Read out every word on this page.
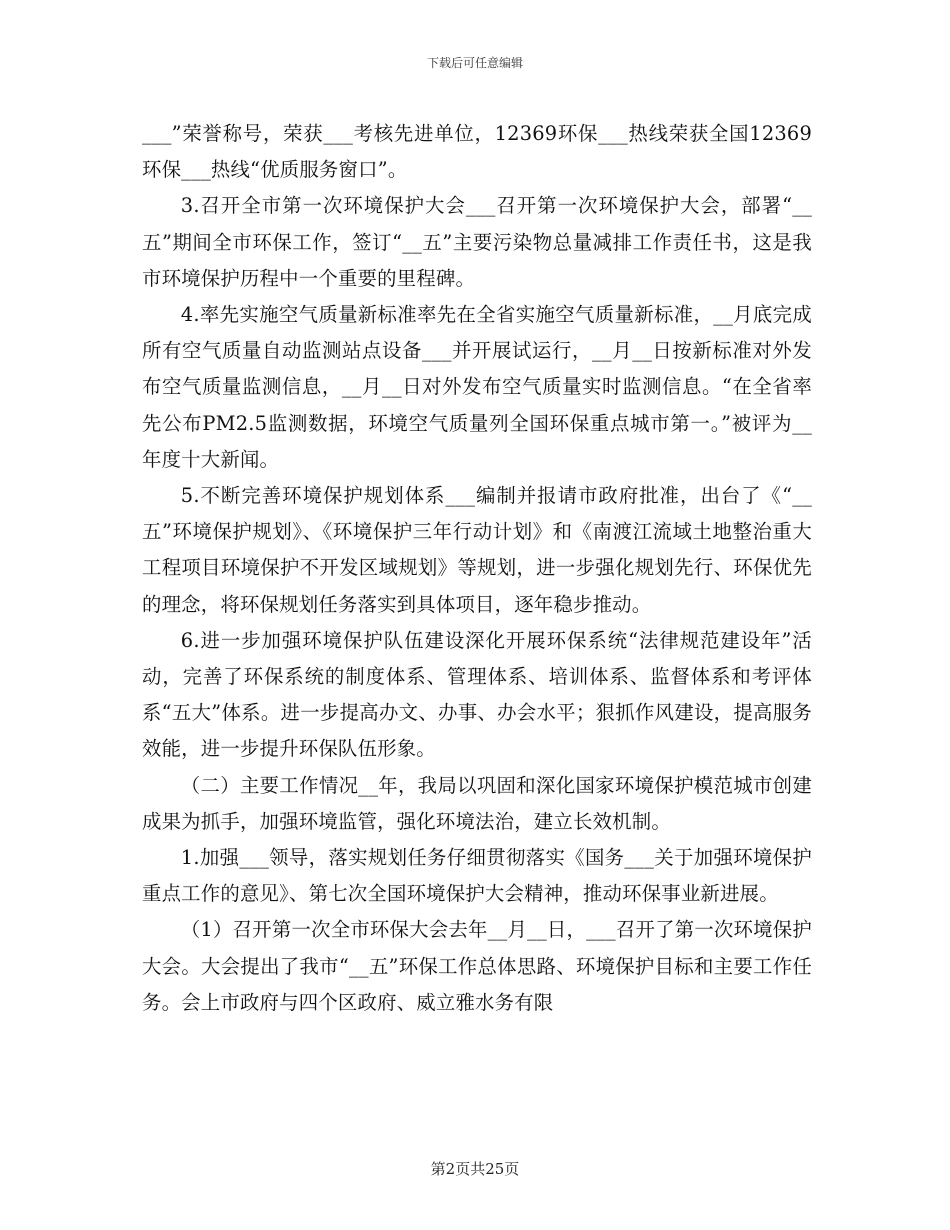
下载后可任意编辑

___”荣誉称号，荣获___考核先进单位，12369环保___热线荣获全国12369环保___热线“优质服务窗口”。

3.召开全市第一次环境保护大会___召开第一次环境保护大会，部署“__五”期间全市环保工作，签订“__五”主要污染物总量减排工作责任书，这是我市环境保护历程中一个重要的里程碑。

4.率先实施空气质量新标准率先在全省实施空气质量新标准，__月底完成所有空气质量自动监测站点设备___并开展试运行，__月__日按新标准对外发布空气质量监测信息，__月__日对外发布空气质量实时监测信息。“在全省率先公布PM2.5监测数据，环境空气质量列全国环保重点城市第一。”被评为__年度十大新闻。

5.不断完善环境保护规划体系___编制并报请市政府批准，出台了《“__五”环境保护规划》、《环境保护三年行动计划》和《南渡江流域土地整治重大工程项目环境保护不开发区域规划》等规划，进一步强化规划先行、环保优先的理念，将环保规划任务落实到具体项目，逐年稳步推动。

6.进一步加强环境保护队伍建设深化开展环保系统“法律规范建设年”活动，完善了环保系统的制度体系、管理体系、培训体系、监督体系和考评体系“五大”体系。进一步提高办文、办事、办会水平；狠抓作风建设，提高服务效能，进一步提升环保队伍形象。

（二）主要工作情况__年，我局以巩固和深化国家环境保护模范城市创建成果为抓手，加强环境监管，强化环境法治，建立长效机制。

1.加强___领导，落实规划任务仔细贯彻落实《国务___关于加强环境保护重点工作的意见》、第七次全国环境保护大会精神，推动环保事业新进展。

（1）召开第一次全市环保大会去年__月__日，___召开了第一次环境保护大会。大会提出了我市“__五”环保工作总体思路、环境保护目标和主要工作任务。会上市政府与四个区政府、威立雅水务有限

第2页共25页
